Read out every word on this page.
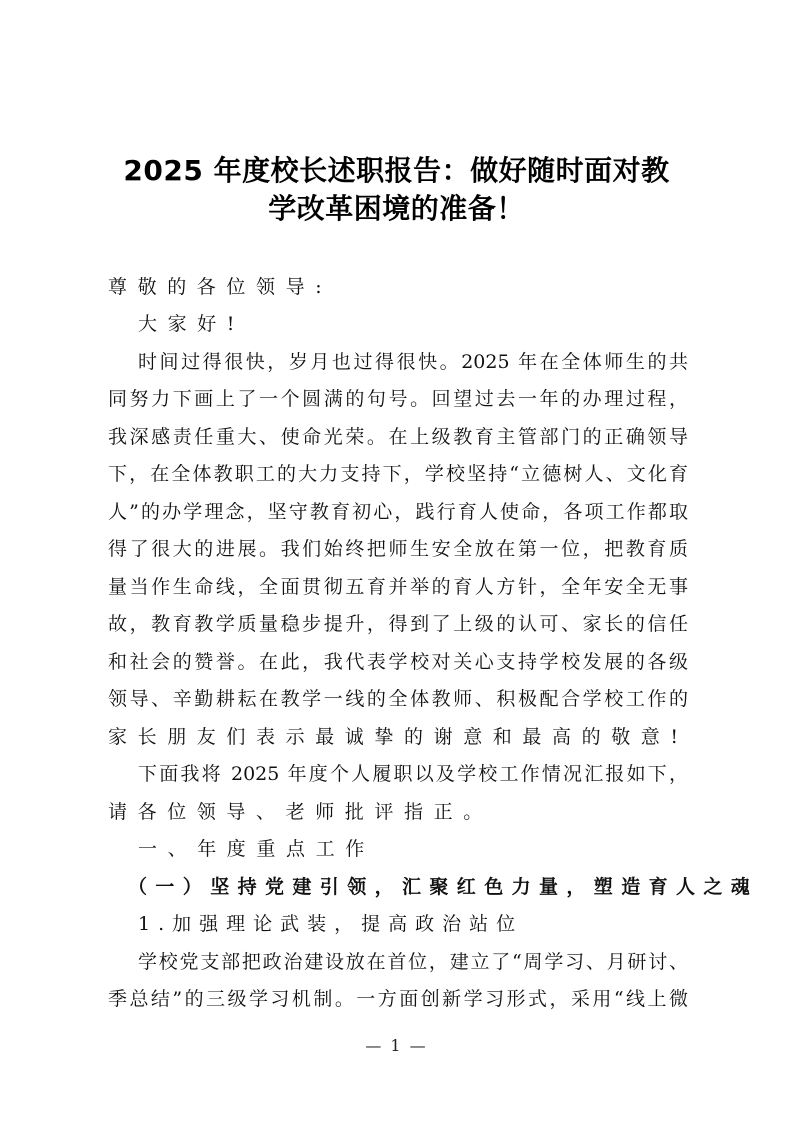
2025 年度校长述职报告：做好随时面对教
学改革困境的准备！
尊敬的各位领导:
大家好!
时间过得很快，岁月也过得很快。2025 年在全体师生的共
同努力下画上了一个圆满的句号。回望过去一年的办理过程，
我深感责任重大、使命光荣。在上级教育主管部门的正确领导
下，在全体教职工的大力支持下，学校坚持“立德树人、文化育
人”的办学理念，坚守教育初心，践行育人使命，各项工作都取
得了很大的进展。我们始终把师生安全放在第一位，把教育质
量当作生命线，全面贯彻五育并举的育人方针，全年安全无事
故，教育教学质量稳步提升，得到了上级的认可、家长的信任
和社会的赞誉。在此，我代表学校对关心支持学校发展的各级
领导、辛勤耕耘在教学一线的全体教师、积极配合学校工作的
家长朋友们表示最诚挚的谢意和最高的敬意!
下面我将 2025 年度个人履职以及学校工作情况汇报如下，
请各位领导、老师批评指正。
一、年度重点工作
（一）坚持党建引领，汇聚红色力量，塑造育人之魂
1.加强理论武装，提高政治站位
学校党支部把政治建设放在首位，建立了“周学习、月研讨、
季总结”的三级学习机制。一方面创新学习形式，采用“线上微
— 1 —
